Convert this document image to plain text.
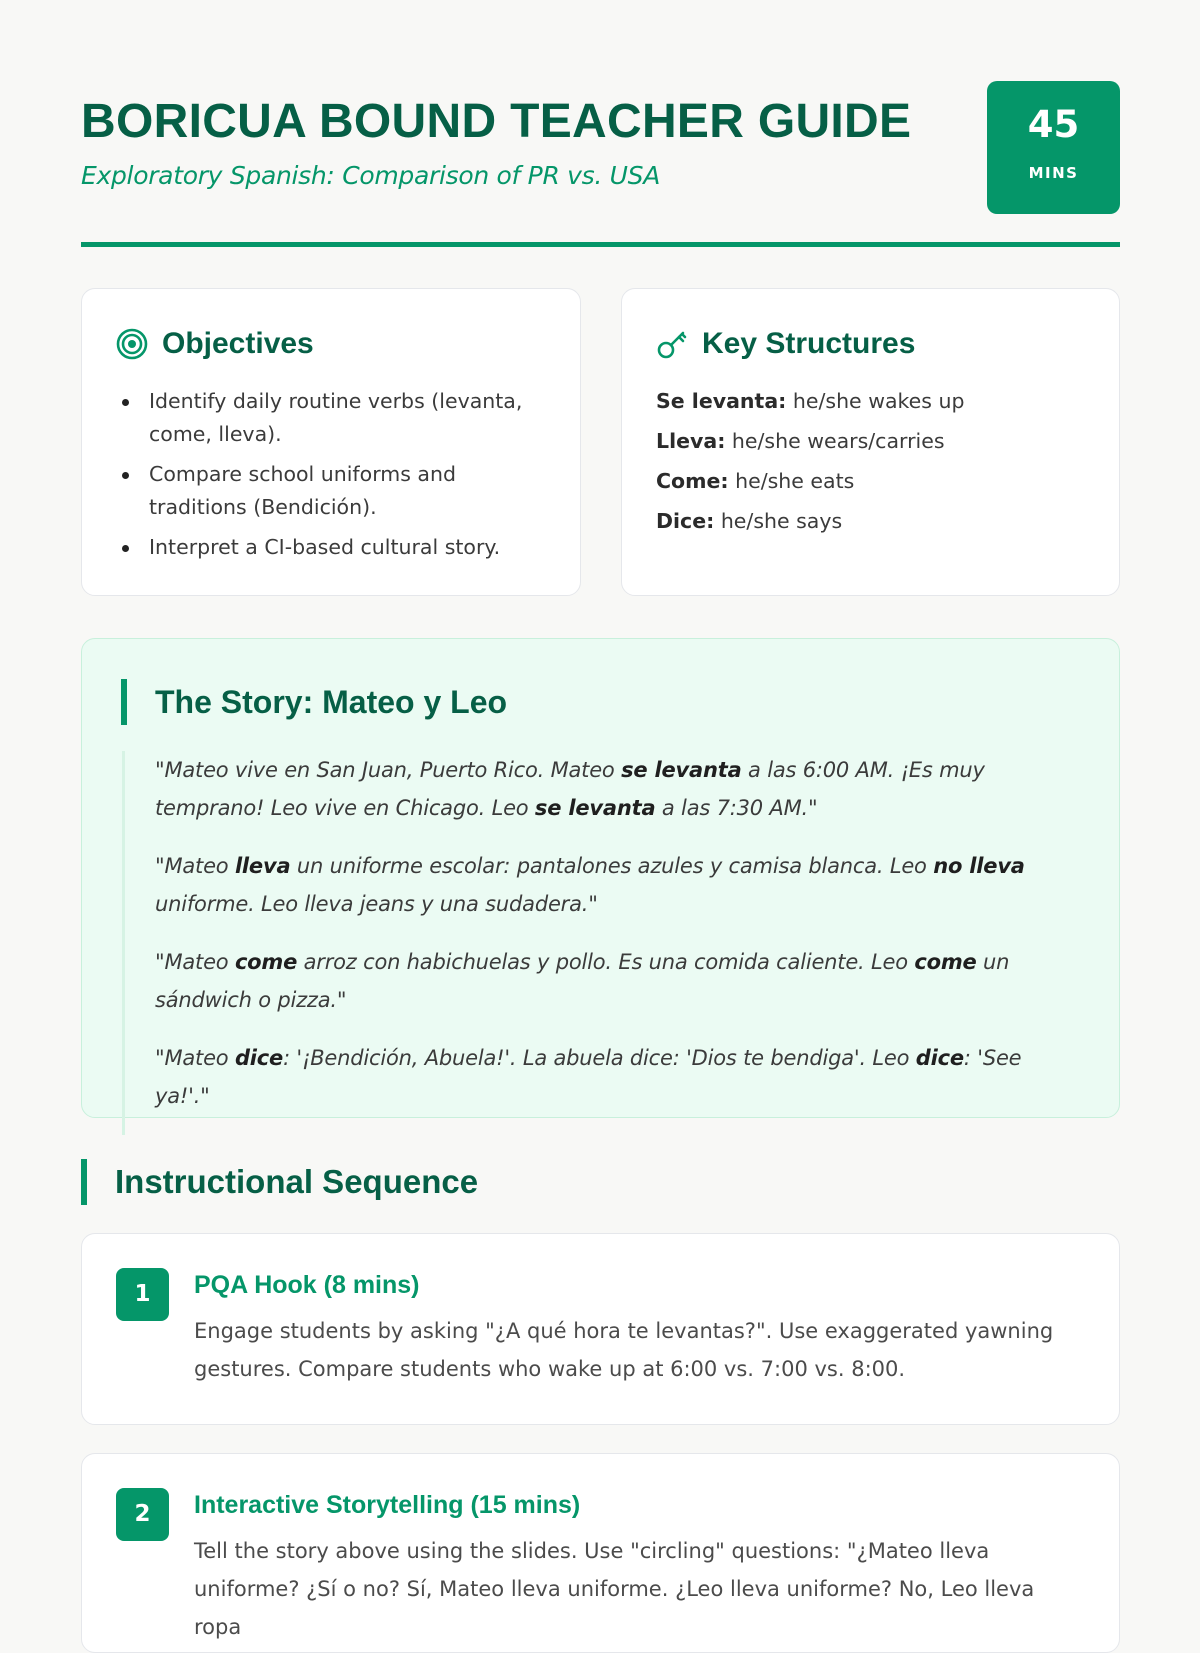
BORICUA BOUND TEACHER GUIDE
Exploratory Spanish: Comparison of PR vs. USA
45
MINS
Objectives
Identify daily routine verbs (levanta, come, lleva).
Compare school uniforms and traditions (Bendición).
Interpret a CI-based cultural story.
Key Structures
Se levanta: he/she wakes up
Lleva: he/she wears/carries
Come: he/she eats
Dice: he/she says
The Story: Mateo y Leo

"Mateo vive en San Juan, Puerto Rico. Mateo se levanta a las 6:00 AM. ¡Es muy temprano! Leo vive en Chicago. Leo se levanta a las 7:30 AM."

"Mateo lleva un uniforme escolar: pantalones azules y camisa blanca. Leo no lleva uniforme. Leo lleva jeans y una sudadera."

"Mateo come arroz con habichuelas y pollo. Es una comida caliente. Leo come un sándwich o pizza."

"Mateo dice: '¡Bendición, Abuela!'. La abuela dice: 'Dios te bendiga'. Leo dice: 'See ya!'."

Instructional Sequence
1	PQA Hook (8 mins)
Engage students by asking "¿A qué hora te levantas?". Use exaggerated yawning gestures. Compare students who wake up at 6:00 vs. 7:00 vs. 8:00.
2	Interactive Storytelling (15 mins)
Tell the story above using the slides. Use "circling" questions: "¿Mateo lleva uniforme? ¿Sí o no? Sí, Mateo lleva uniforme. ¿Leo lleva uniforme? No, Leo lleva ropa
